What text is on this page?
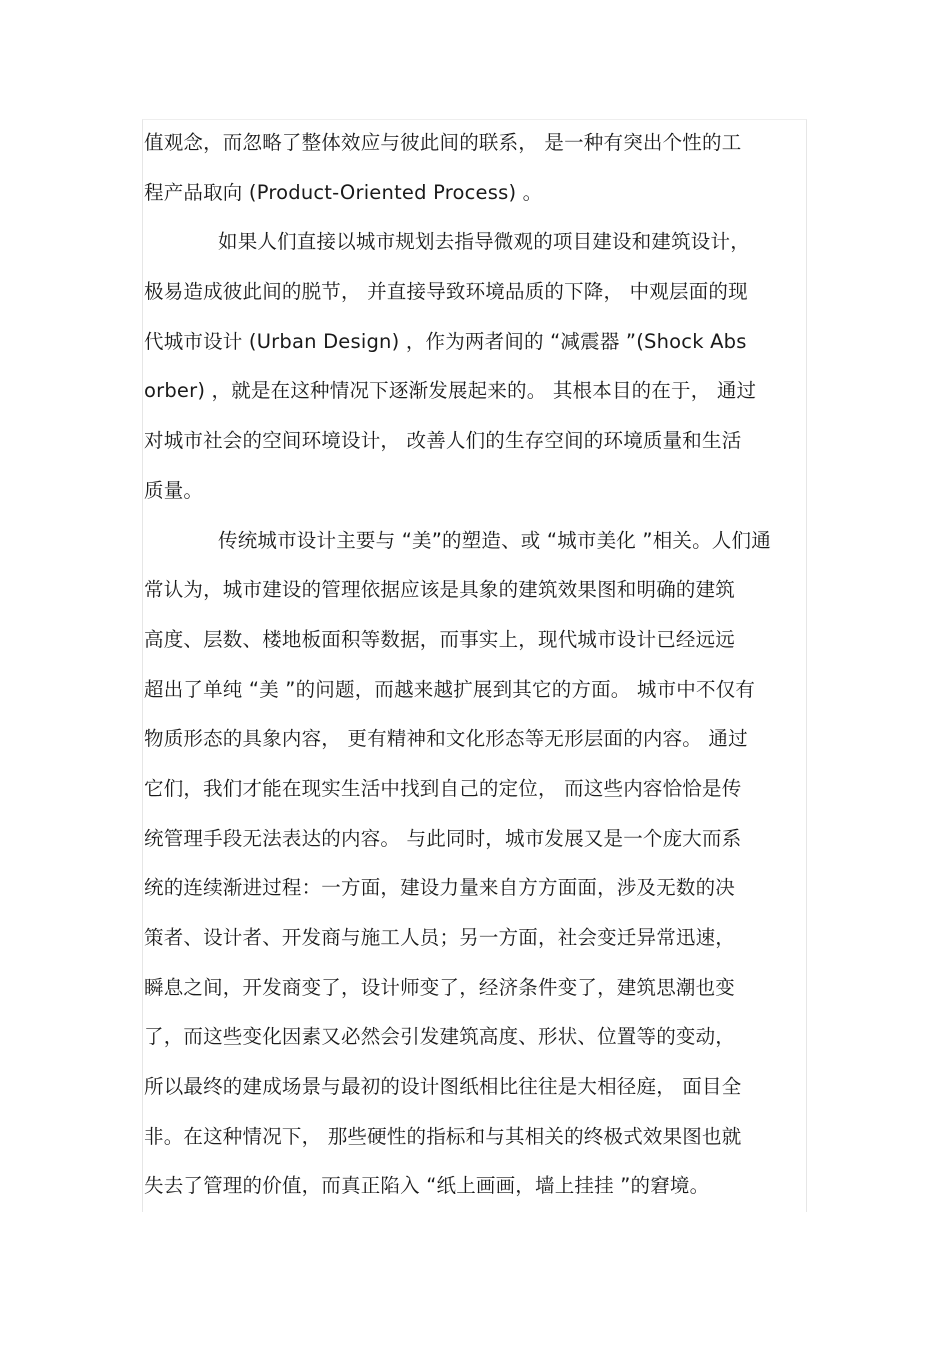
值观念，而忽略了整体效应与彼此间的联系， 是一种有突出个性的工
程产品取向 (Product-Oriented Process) 。
如果人们直接以城市规划去指导微观的项目建设和建筑设计，
极易造成彼此间的脱节， 并直接导致环境品质的下降， 中观层面的现
代城市设计 (Urban Design) ，作为两者间的 “减震器 ”(Shock Abs
orber) ，就是在这种情况下逐渐发展起来的。 其根本目的在于， 通过
对城市社会的空间环境设计， 改善人们的生存空间的环境质量和生活
质量。
传统城市设计主要与 “美”的塑造、或 “城市美化 ”相关。人们通
常认为，城市建设的管理依据应该是具象的建筑效果图和明确的建筑
高度、层数、楼地板面积等数据，而事实上，现代城市设计已经远远
超出了单纯 “美 ”的问题，而越来越扩展到其它的方面。 城市中不仅有
物质形态的具象内容， 更有精神和文化形态等无形层面的内容。 通过
它们，我们才能在现实生活中找到自己的定位， 而这些内容恰恰是传
统管理手段无法表达的内容。 与此同时，城市发展又是一个庞大而系
统的连续渐进过程：一方面，建设力量来自方方面面，涉及无数的决
策者、设计者、开发商与施工人员；另一方面，社会变迁异常迅速，
瞬息之间，开发商变了，设计师变了，经济条件变了，建筑思潮也变
了，而这些变化因素又必然会引发建筑高度、形状、位置等的变动，
所以最终的建成场景与最初的设计图纸相比往往是大相径庭， 面目全
非。在这种情况下， 那些硬性的指标和与其相关的终极式效果图也就
失去了管理的价值，而真正陷入 “纸上画画，墙上挂挂 ”的窘境。
